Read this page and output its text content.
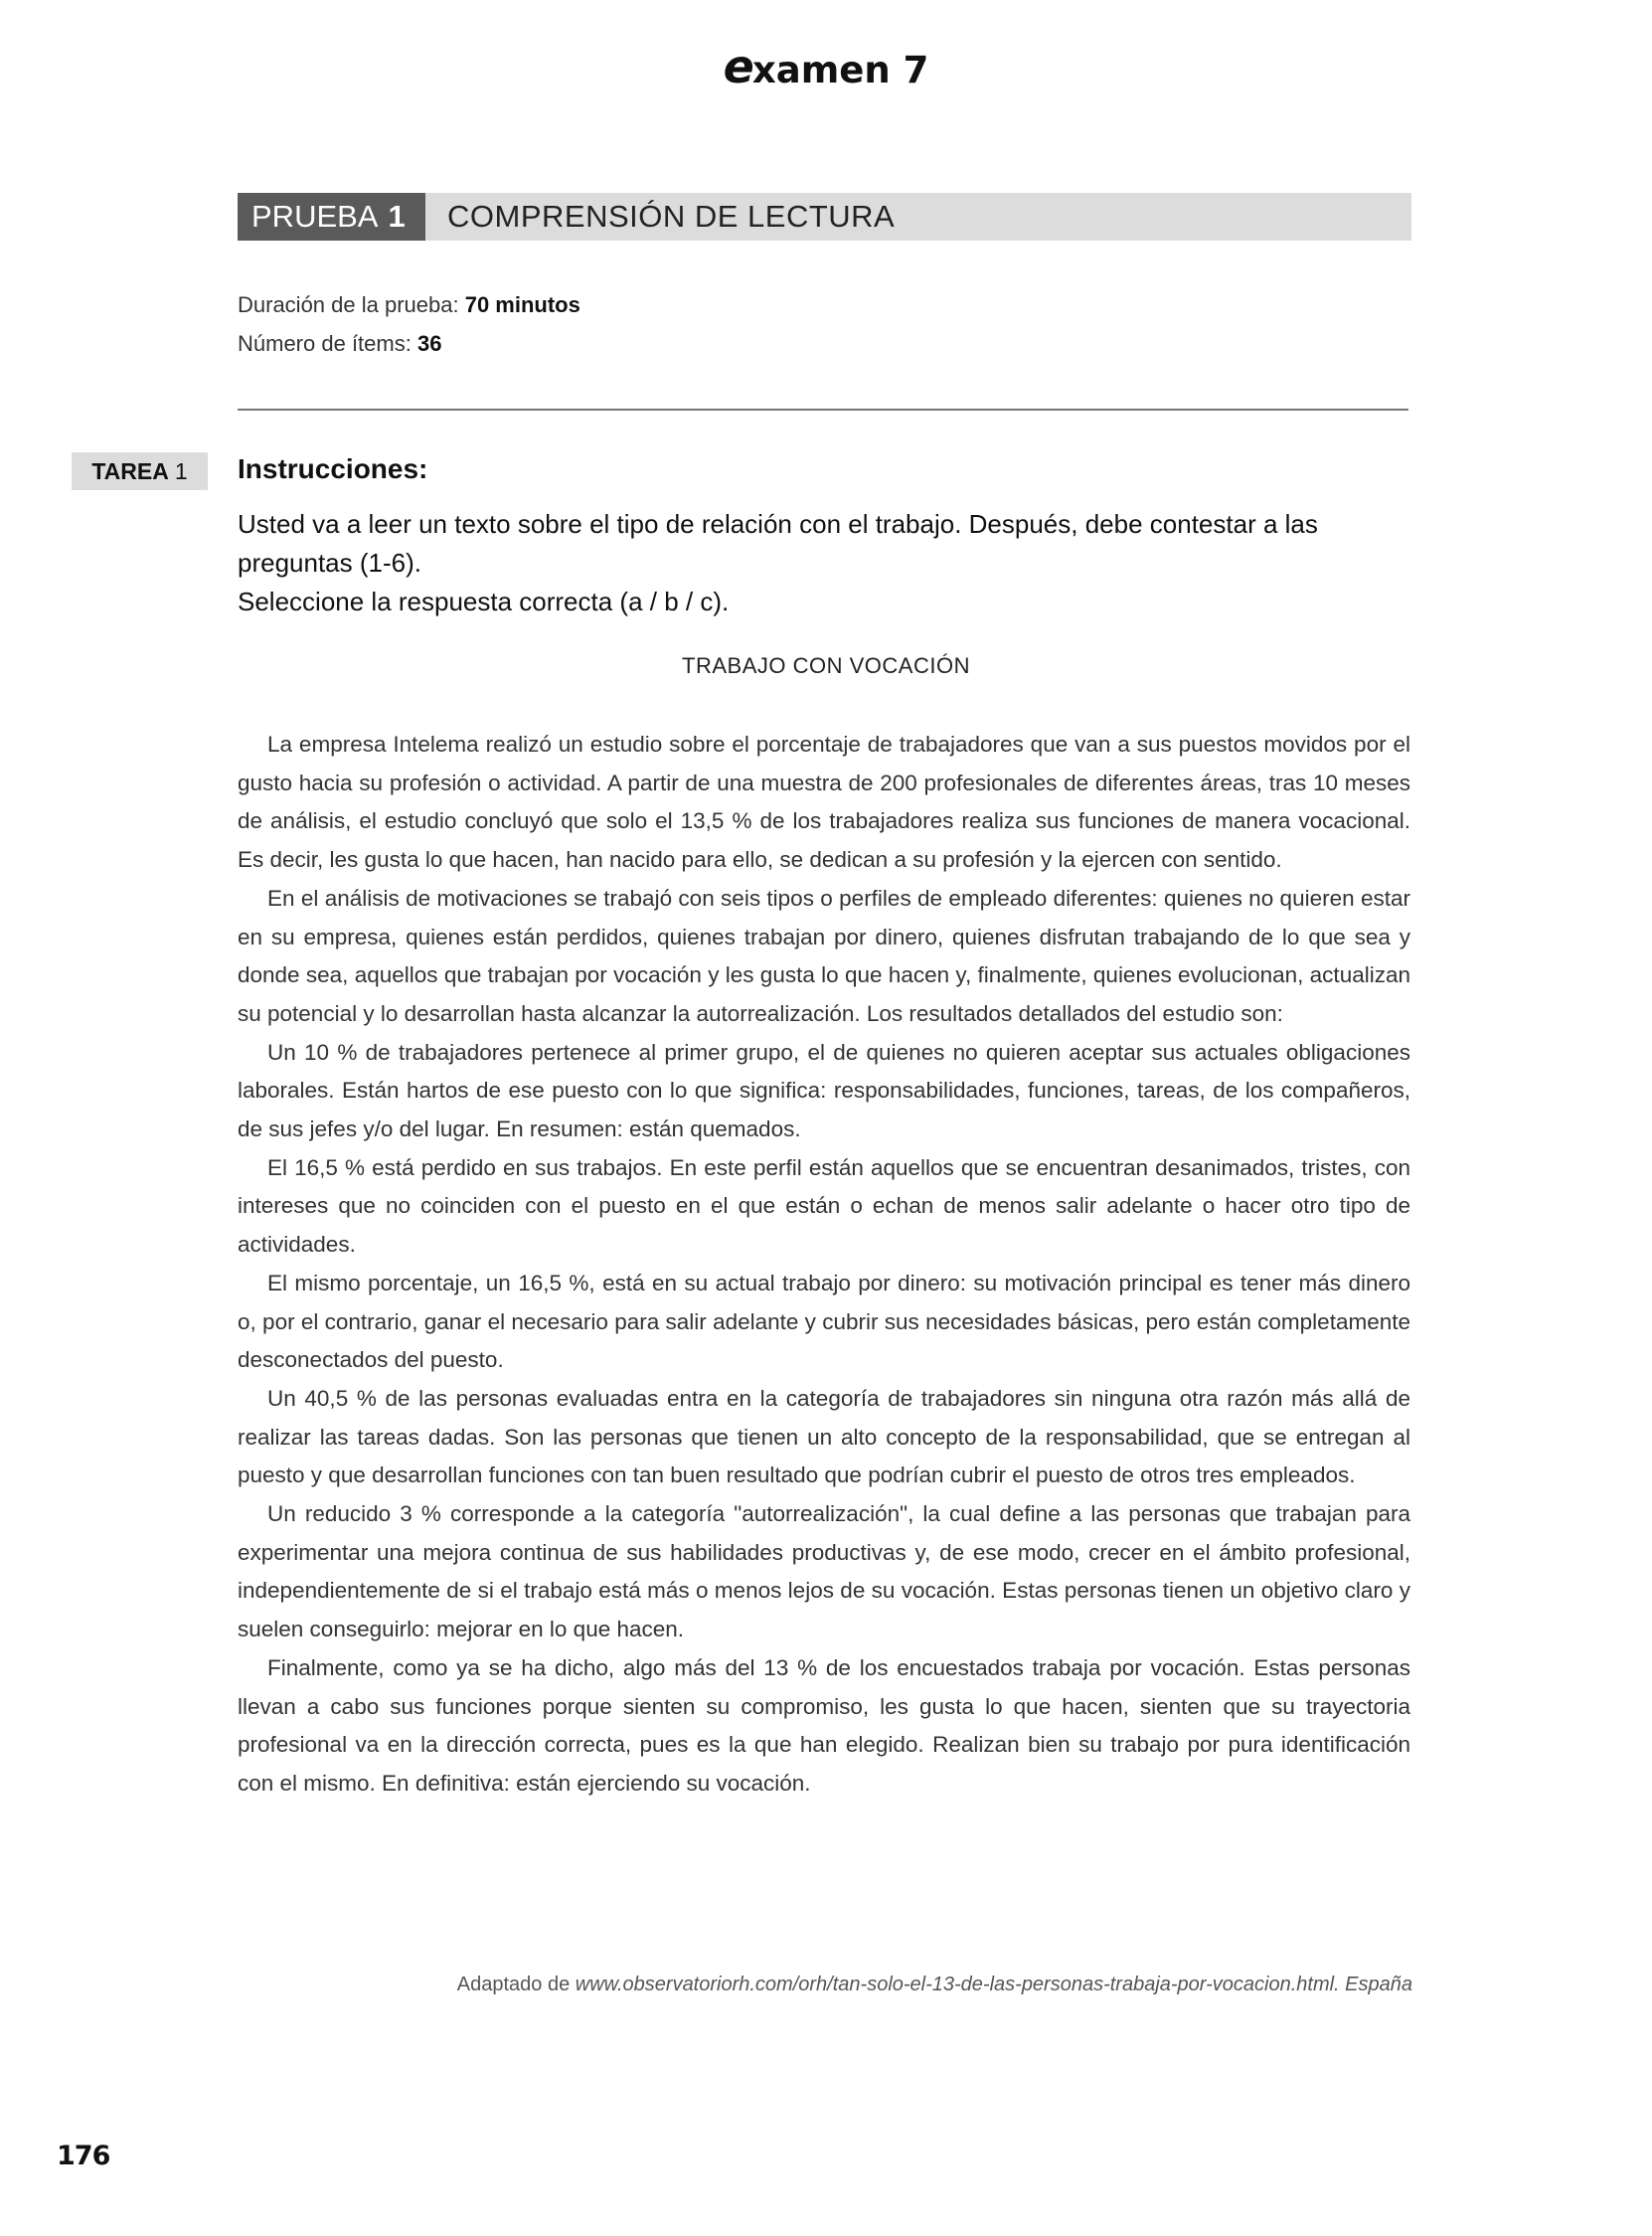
examen 7
PRUEBA 1	COMPRENSIÓN DE LECTURA
Duración de la prueba: 70 minutos
Número de ítems: 36
TAREA 1	Instrucciones:
Usted va a leer un texto sobre el tipo de relación con el trabajo. Después, debe contestar a las preguntas (1-6).
Seleccione la respuesta correcta (a / b / c).
TRABAJO CON VOCACIÓN

La empresa Intelema realizó un estudio sobre el porcentaje de trabajadores que van a sus puestos movidos por el gusto hacia su profesión o actividad. A partir de una muestra de 200 profesionales de diferentes áreas, tras 10 meses de análisis, el estudio concluyó que solo el 13,5 % de los trabajadores realiza sus funciones de manera vocacional. Es decir, les gusta lo que hacen, han nacido para ello, se dedican a su profesión y la ejercen con sentido.

En el análisis de motivaciones se trabajó con seis tipos o perfiles de empleado diferentes: quienes no quieren estar en su empresa, quienes están perdidos, quienes trabajan por dinero, quienes disfrutan trabajando de lo que sea y donde sea, aquellos que trabajan por vocación y les gusta lo que hacen y, finalmente, quienes evolucionan, actualizan su potencial y lo desarrollan hasta alcanzar la autorrealización. Los resultados detallados del estudio son:

Un 10 % de trabajadores pertenece al primer grupo, el de quienes no quieren aceptar sus actuales obligaciones laborales. Están hartos de ese puesto con lo que significa: responsabilidades, funciones, tareas, de los compañeros, de sus jefes y/o del lugar. En resumen: están quemados.

El 16,5 % está perdido en sus trabajos. En este perfil están aquellos que se encuentran desanimados, tristes, con intereses que no coinciden con el puesto en el que están o echan de menos salir adelante o hacer otro tipo de actividades.

El mismo porcentaje, un 16,5 %, está en su actual trabajo por dinero: su motivación principal es tener más dinero o, por el contrario, ganar el necesario para salir adelante y cubrir sus necesidades básicas, pero están completamente desconectados del puesto.

Un 40,5 % de las personas evaluadas entra en la categoría de trabajadores sin ninguna otra razón más allá de realizar las tareas dadas. Son las personas que tienen un alto concepto de la responsabilidad, que se entregan al puesto y que desarrollan funciones con tan buen resultado que podrían cubrir el puesto de otros tres empleados.

Un reducido 3 % corresponde a la categoría "autorrealización", la cual define a las personas que trabajan para experimentar una mejora continua de sus habilidades productivas y, de ese modo, crecer en el ámbito profesional, independientemente de si el trabajo está más o menos lejos de su vocación. Estas personas tienen un objetivo claro y suelen conseguirlo: mejorar en lo que hacen.

Finalmente, como ya se ha dicho, algo más del 13 % de los encuestados trabaja por vocación. Estas personas llevan a cabo sus funciones porque sienten su compromiso, les gusta lo que hacen, sienten que su trayectoria profesional va en la dirección correcta, pues es la que han elegido. Realizan bien su trabajo por pura identificación con el mismo. En definitiva: están ejerciendo su vocación.

Adaptado de www.observatoriorh.com/orh/tan-solo-el-13-de-las-personas-trabaja-por-vocacion.html. España
176
